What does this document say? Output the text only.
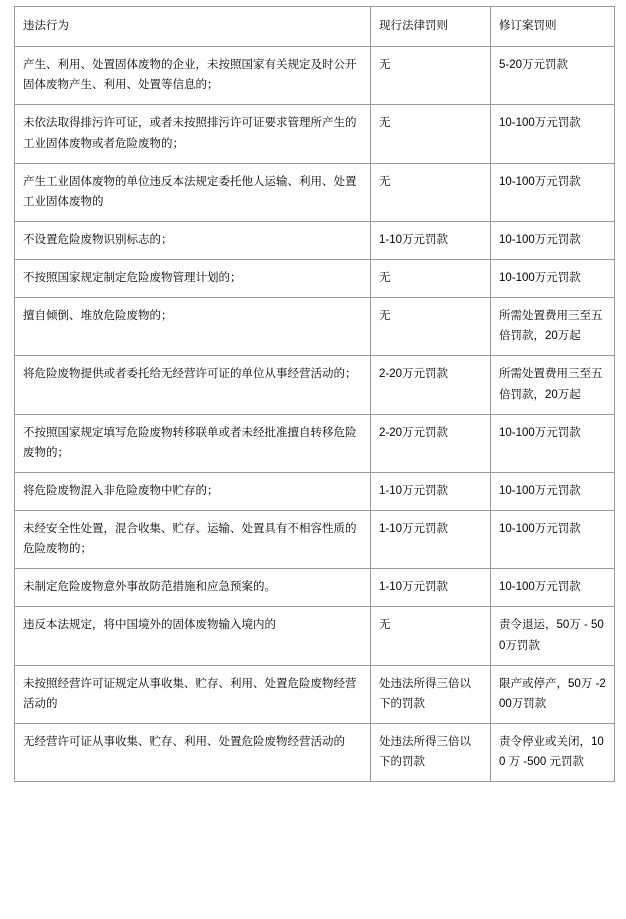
违法行为	现行法律罚则	修订案罚则

产生、利用、处置固体废物的企业，未按照国家有关规定及时公开固体废物产生、利用、处置等信息的；	无	5-20万元罚款

未依法取得排污许可证，或者未按照排污许可证要求管理所产生的工业固体废物或者危险废物的；	无	10-100万元罚款

产生工业固体废物的单位违反本法规定委托他人运输、利用、处置工业固体废物的	无	10-100万元罚款

不设置危险废物识别标志的；	1-10万元罚款	10-100万元罚款

不按照国家规定制定危险废物管理计划的；	无	10-100万元罚款

擅自倾倒、堆放危险废物的；	无	所需处置费用三至五倍罚款，20万起

将危险废物提供或者委托给无经营许可证的单位从事经营活动的；	2-20万元罚款	所需处置费用三至五倍罚款，20万起

不按照国家规定填写危险废物转移联单或者未经批准擅自转移危险废物的；	2-20万元罚款	10-100万元罚款

将危险废物混入非危险废物中贮存的；	1-10万元罚款	10-100万元罚款

未经安全性处置，混合收集、贮存、运输、处置具有不相容性质的危险废物的；	1-10万元罚款	10-100万元罚款

未制定危险废物意外事故防范措施和应急预案的。	1-10万元罚款	10-100万元罚款

违反本法规定，将中国境外的固体废物输入境内的	无	责令退运，50万 - 500万罚款

未按照经营许可证规定从事收集、贮存、利用、处置危险废物经营活动的	处违法所得三倍以下的罚款	限产或停产，50万 -200万罚款

无经营许可证从事收集、贮存、利用、处置危险废物经营活动的	处违法所得三倍以下的罚款	责令停业或关闭，100 万 -500 元罚款
